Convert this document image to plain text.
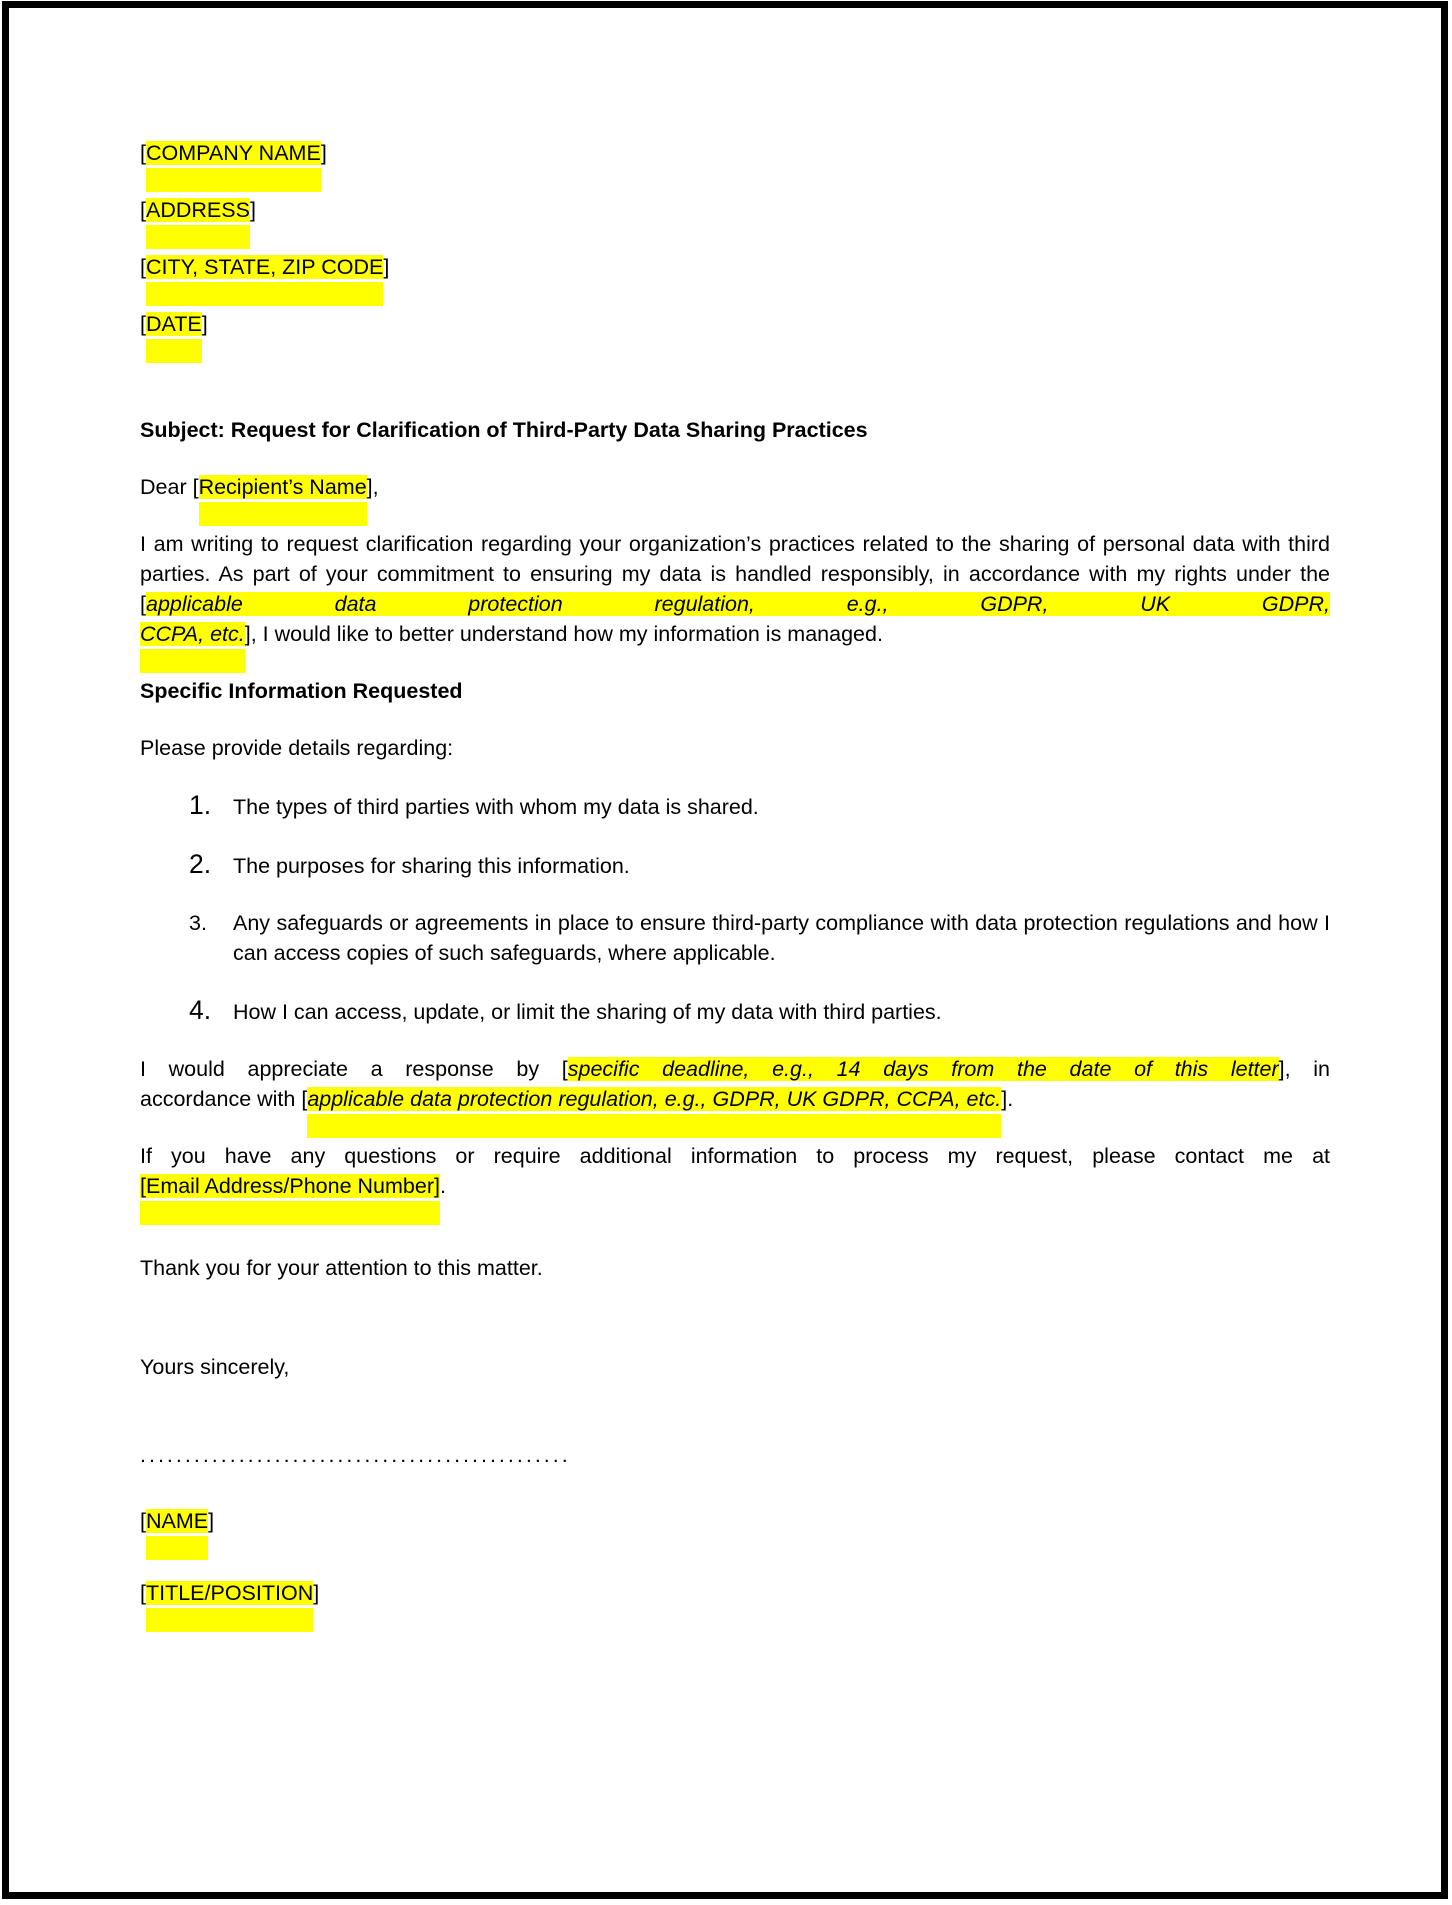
[COMPANY NAME]
[ADDRESS]
[CITY, STATE, ZIP CODE]
[DATE]
Subject: Request for Clarification of Third-Party Data Sharing Practices
Dear [Recipient’s Name],
I am writing to request clarification regarding your organization’s practices related to the sharing of personal data with third parties. As part of your commitment to ensuring my data is handled responsibly, in accordance with my rights under the [applicable data protection regulation, e.g., GDPR, UK GDPR,
CCPA, etc.], I would like to better understand how my information is managed.
Specific Information Requested
Please provide details regarding:
1.	The types of third parties with whom my data is shared.
2.	The purposes for sharing this information.
3.	Any safeguards or agreements in place to ensure third-party compliance with data protection regulations and how I can access copies of such safeguards, where applicable.
4.	How I can access, update, or limit the sharing of my data with third parties.
I would appreciate a response by [specific deadline, e.g., 14 days from the date of this letter], in
accordance with [applicable data protection regulation, e.g., GDPR, UK GDPR, CCPA, etc.].
If you have any questions or require additional information to process my request, please contact me at
[Email Address/Phone Number].
Thank you for your attention to this matter.
Yours sincerely,
................................................
[NAME]
[TITLE/POSITION]
